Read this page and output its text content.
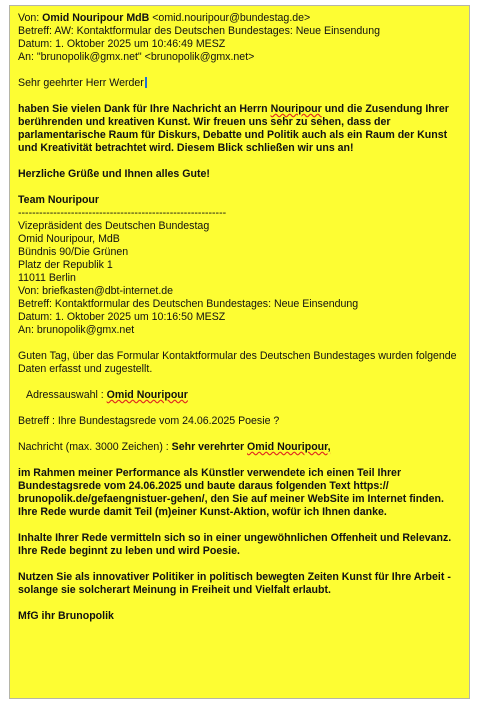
Von: Omid Nouripour MdB <omid.nouripour@bundestag.de>
Betreff: AW: Kontaktformular des Deutschen Bundestages: Neue Einsendung
Datum: 1. Oktober 2025 um 10:46:49 MESZ
An: "brunopolik@gmx.net" <brunopolik@gmx.net>
Sehr geehrter Herr Werder
haben Sie vielen Dank für Ihre Nachricht an Herrn Nouripour und die Zusendung Ihrer berührenden und kreativen Kunst. Wir freuen uns sehr zu sehen, dass der parlamentarische Raum für Diskurs, Debatte und Politik auch als ein Raum der Kunst und Kreativität betrachtet wird. Diesem Blick schließen wir uns an!
Herzliche Grüße und Ihnen alles Gute!
Team Nouripour
-----------------------------------------------------------
Vizepräsident des Deutschen Bundestag
Omid Nouripour, MdB
Bündnis 90/Die Grünen
Platz der Republik 1
11011 Berlin
Von: briefkasten@dbt-internet.de
Betreff: Kontaktformular des Deutschen Bundestages: Neue Einsendung
Datum: 1. Oktober 2025 um 10:16:50 MESZ
An: brunopolik@gmx.net
Guten Tag, über das Formular Kontaktformular des Deutschen Bundestages wurden folgende Daten erfasst und zugestellt.
Adressauswahl : Omid Nouripour
Betreff : Ihre Bundestagsrede vom 24.06.2025 Poesie ?
Nachricht (max. 3000 Zeichen) : Sehr verehrter Omid Nouripour,
im Rahmen meiner Performance als Künstler verwendete ich einen Teil Ihrer Bundestagsrede vom 24.06.2025 und baute daraus folgenden Text https:// brunopolik.de/gefaengnistuer-gehen/, den Sie auf meiner WebSite im Internet finden. Ihre Rede wurde damit Teil (m)einer Kunst-Aktion, wofür ich Ihnen danke.
Inhalte Ihrer Rede vermitteln sich so in einer ungewöhnlichen Offenheit und Relevanz. Ihre Rede beginnt zu leben und wird Poesie.
Nutzen Sie als innovativer Politiker in politisch bewegten Zeiten Kunst für Ihre Arbeit - solange sie solcherart Meinung in Freiheit und Vielfalt erlaubt.
MfG ihr Brunopolik
